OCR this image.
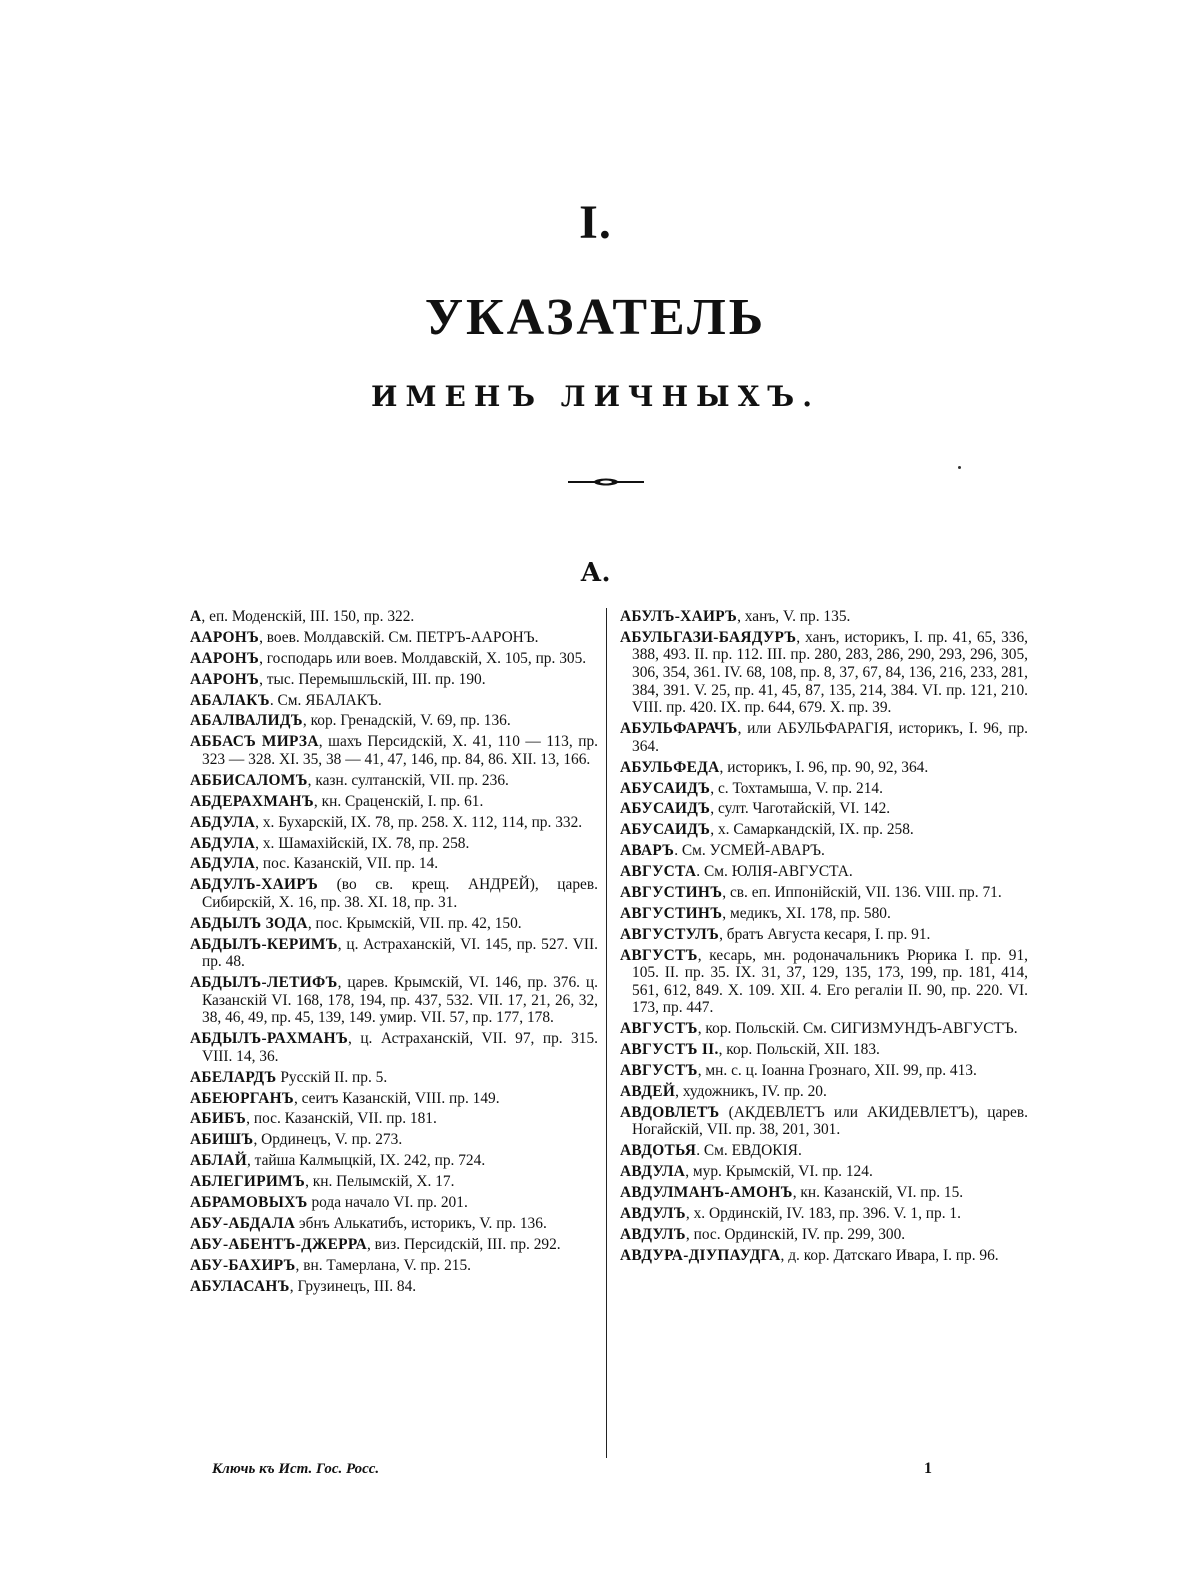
I.
УКАЗАТЕЛЬ
ИМЕНЪ ЛИЧНЫХЪ.
А.

А, еп. Моденскій, III. 150, пр. 322.

ААРОНЪ, воев. Молдавскій. См. ПЕТРЪ-ААРОНЪ.

ААРОНЪ, господарь или воев. Молдавскій, X. 105, пр. 305.

ААРОНЪ, тыс. Перемышльскій, III. пр. 190.

АБАЛАКЪ. См. ЯБАЛАКЪ.

АБАЛВАЛИДЪ, кор. Гренадскій, V. 69, пр. 136.

АББАСЪ МИРЗА, шахъ Персидскій, X. 41, 110 — 113, пр. 323 — 328. XI. 35, 38 — 41, 47, 146, пр. 84, 86. XII. 13, 166.

АББИСАЛОМЪ, казн. султанскій, VII. пр. 236.

АБДЕРАХМАНЪ, кн. Сраценскій, I. пр. 61.

АБДУЛА, х. Бухарскій, IX. 78, пр. 258. X. 112, 114, пр. 332.

АБДУЛА, х. Шамахійскій, IX. 78, пр. 258.

АБДУЛА, пос. Казанскій, VII. пр. 14.

АБДУЛЪ-ХАИРЪ (во св. крещ. АНДРЕЙ), царев. Сибирскій, X. 16, пр. 38. XI. 18, пр. 31.

АБДЫЛЪ ЗОДА, пос. Крымскій, VII. пр. 42, 150.

АБДЫЛЪ-КЕРИМЪ, ц. Астраханскій, VI. 145, пр. 527. VII. пр. 48.

АБДЫЛЪ-ЛЕТИФЪ, царев. Крымскій, VI. 146, пр. 376. ц. Казанскій VI. 168, 178, 194, пр. 437, 532. VII. 17, 21, 26, 32, 38, 46, 49, пр. 45, 139, 149. умир. VII. 57, пр. 177, 178.

АБДЫЛЪ-РАХМАНЪ, ц. Астраханскій, VII. 97, пр. 315. VIII. 14, 36.

АБЕЛАРДЪ Русскій II. пр. 5.

АБЕЮРГАНЪ, сеитъ Казанскій, VIII. пр. 149.

АБИБЪ, пос. Казанскій, VII. пр. 181.

АБИШЪ, Ординецъ, V. пр. 273.

АБЛАЙ, тайша Калмыцкій, IX. 242, пр. 724.

АБЛЕГИРИМЪ, кн. Пелымскій, X. 17.

АБРАМОВЫХЪ рода начало VI. пр. 201.

АБУ-АБДАЛА эбнъ Алькатибъ, историкъ, V. пр. 136.

АБУ-АБЕНТЪ-ДЖЕРРА, виз. Персидскій, III. пр. 292.

АБУ-БАХИРЪ, вн. Тамерлана, V. пр. 215.

АБУЛАСАНЪ, Грузинецъ, III. 84.

АБУЛЪ-ХАИРЪ, ханъ, V. пр. 135.

АБУЛЬГАЗИ-БАЯДУРЪ, ханъ, историкъ, I. пр. 41, 65, 336, 388, 493. II. пр. 112. III. пр. 280, 283, 286, 290, 293, 296, 305, 306, 354, 361. IV. 68, 108, пр. 8, 37, 67, 84, 136, 216, 233, 281, 384, 391. V. 25, пр. 41, 45, 87, 135, 214, 384. VI. пр. 121, 210. VIII. пр. 420. IX. пр. 644, 679. X. пр. 39.

АБУЛЬФАРАЧЪ, или АБУЛЬФАРАГІЯ, историкъ, I. 96, пр. 364.

АБУЛЬФЕДА, историкъ, I. 96, пр. 90, 92, 364.

АБУСАИДЪ, с. Тохтамыша, V. пр. 214.

АБУСАИДЪ, султ. Чаготайскій, VI. 142.

АБУСАИДЪ, х. Самаркандскій, IX. пр. 258.

АВАРЪ. См. УСМЕЙ-АВАРЪ.

АВГУСТА. См. ЮЛІЯ-АВГУСТА.

АВГУСТИНЪ, св. еп. Иппонійскій, VII. 136. VIII. пр. 71.

АВГУСТИНЪ, медикъ, XI. 178, пр. 580.

АВГУСТУЛЪ, братъ Августа кесаря, I. пр. 91.

АВГУСТЪ, кесарь, мн. родоначальникъ Рюрика I. пр. 91, 105. II. пр. 35. IX. 31, 37, 129, 135, 173, 199, пр. 181, 414, 561, 612, 849. X. 109. XII. 4. Его регаліи II. 90, пр. 220. VI. 173, пр. 447.

АВГУСТЪ, кор. Польскій. См. СИГИЗМУНДЪ-АВГУСТЪ.

АВГУСТЪ II., кор. Польскій, XII. 183.

АВГУСТЪ, мн. с. ц. Іоанна Грознаго, XII. 99, пр. 413.

АВДЕЙ, художникъ, IV. пр. 20.

АВДОВЛЕТЪ (АКДЕВЛЕТЪ или АКИДЕВЛЕТЪ), царев. Ногайскій, VII. пр. 38, 201, 301.

АВДОТЬЯ. См. ЕВДОКІЯ.

АВДУЛА, мур. Крымскій, VI. пр. 124.

АВДУЛМАНЪ-АМОНЪ, кн. Казанскій, VI. пр. 15.

АВДУЛЪ, х. Ординскій, IV. 183, пр. 396. V. 1, пр. 1.

АВДУЛЪ, пос. Ординскій, IV. пр. 299, 300.

АВДУРА-ДІУПАУДГА, д. кор. Датскаго Ивара, I. пр. 96.

Ключь къ Ист. Гос. Росс.	1
